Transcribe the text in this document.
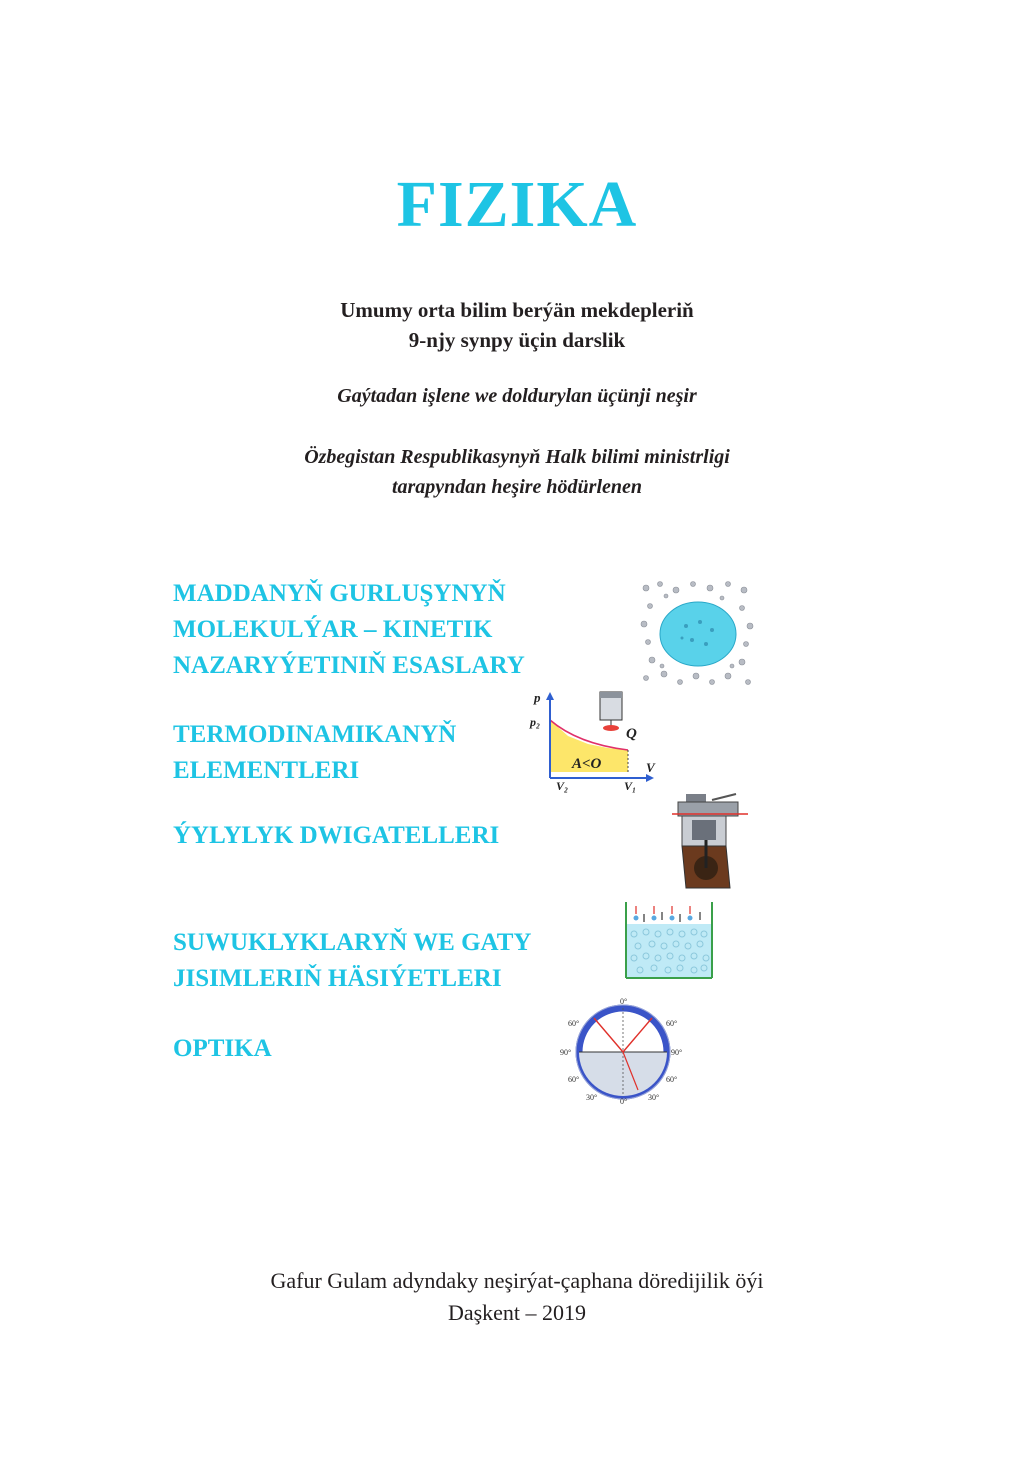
FIZIKA
Umumy orta bilim berýän mekdepleriň
9-njy synpy üçin darslik
Gaýtadan işlene we doldurylan üçünji neşir
Özbegistan Respublikasynyň Halk bilimi ministrligi
tarapyndan heşire hödürlenen
MADDANYŇ GURLUŞYNYŇ
MOLEKULÝAR – KINETIK
NAZARYÝETINIŇ ESASLARY
TERMODINAMIKANYŇ
ELEMENTLERI
ÝYLYLYK DWIGATELLERI
SUWUKLYKLARYŇ WE GATY
JISIMLERIŇ HÄSIÝETLERI
OPTIKA
p
p₂
Q
A<O	V
V₂	V₁
0°
0°
60°
90°
60°
30°
60°
90°
60°
30°
Gafur Gulam adyndaky neşirýat-çaphana döredijilik öýi
Daşkent – 2019
